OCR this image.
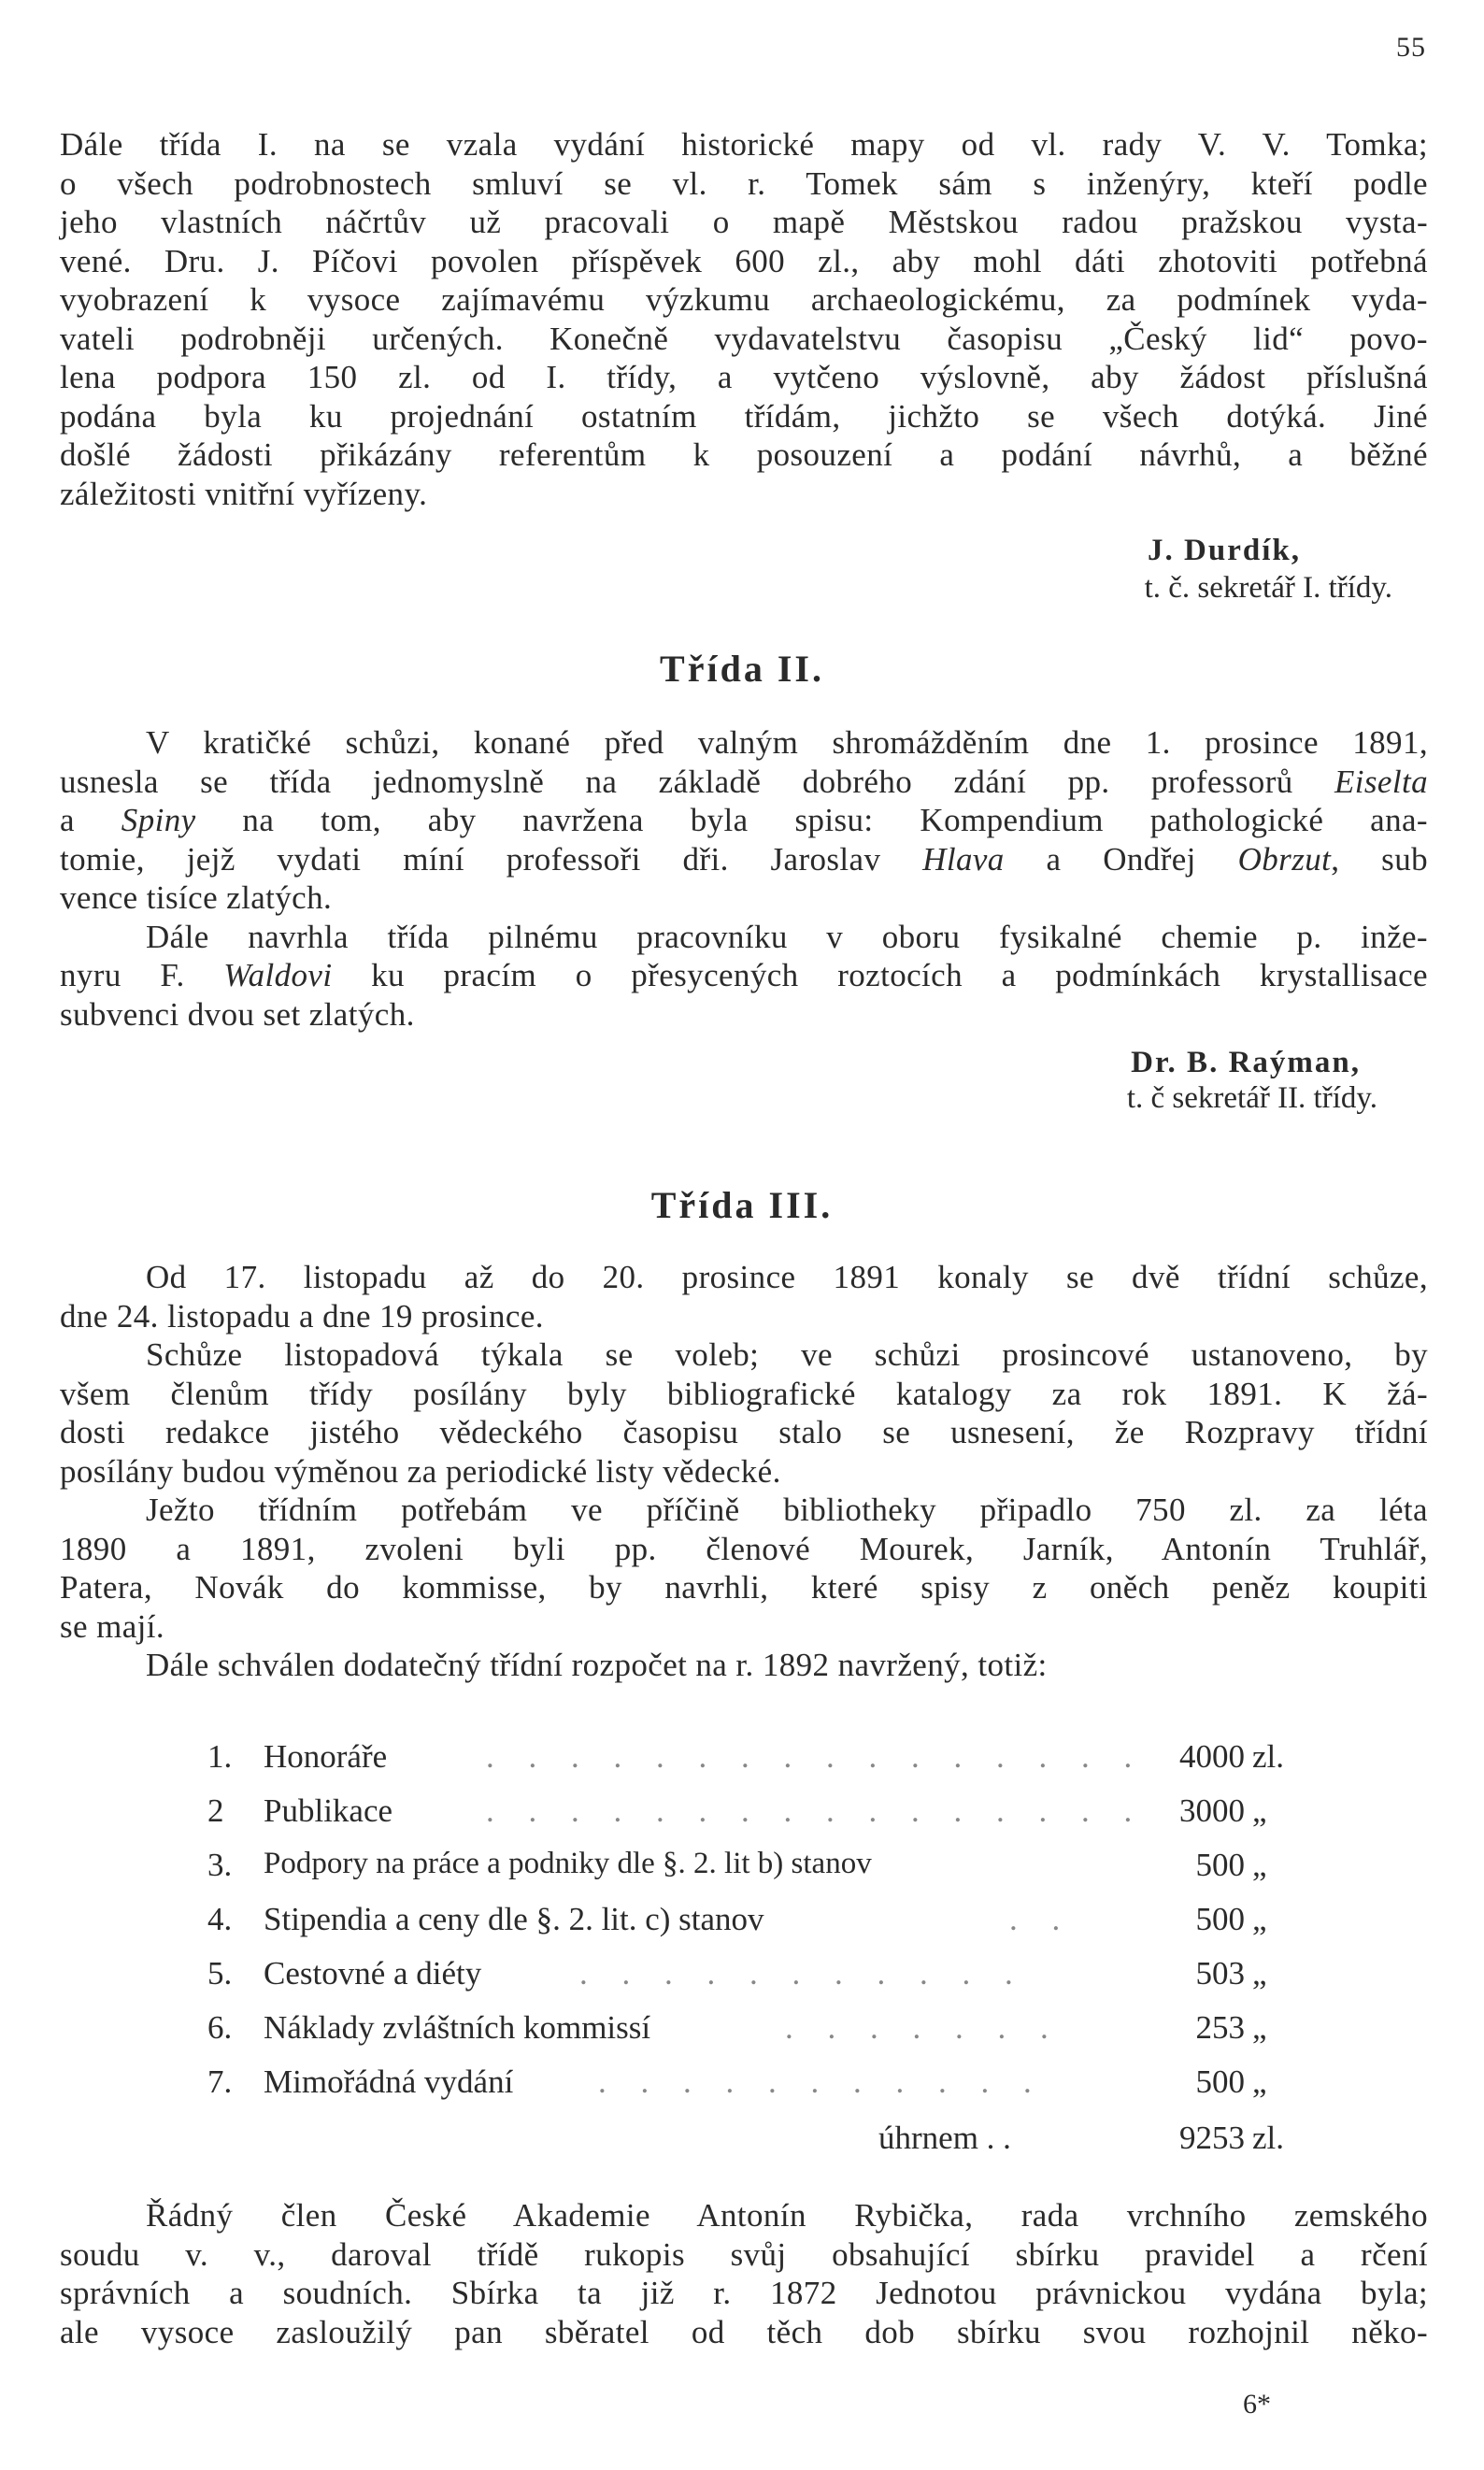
55
Dále třída I. na se vzala vydání historické mapy od vl. rady V. V. Tomka;
o všech podrobnostech smluví se vl. r. Tomek sám s inženýry, kteří podle
jeho vlastních náčrtův už pracovali o mapě Městskou radou pražskou vysta-
vené. Dru. J. Píčovi povolen příspěvek 600 zl., aby mohl dáti zhotoviti potřebná
vyobrazení k vysoce zajímavému výzkumu archaeologickému, za podmínek vyda-
vateli podrobněji určených. Konečně vydavatelstvu časopisu „Český lid“ povo-
lena podpora 150 zl. od I. třídy, a vytčeno výslovně, aby žádost příslušná
podána byla ku projednání ostatním třídám, jichžto se všech dotýká. Jiné
došlé žádosti přikázány referentům k posouzení a podání návrhů, a běžné
záležitosti vnitřní vyřízeny.
J. Durdík,
t. č. sekretář I. třídy.
Třída II.
V kratičké schůzi, konané před valným shromážděním dne 1. prosince 1891,
usnesla se třída jednomyslně na základě dobrého zdání pp. professorů Eiselta
a Spiny na tom, aby navržena byla spisu: Kompendium pathologické ana-
tomie, jejž vydati míní professoři dři. Jaroslav Hlava a Ondřej Obrzut, sub
vence tisíce zlatých.
Dále navrhla třída pilnému pracovníku v oboru fysikalné chemie p. inže-
nyru F. Waldovi ku pracím o přesycených roztocích a podmínkách krystallisace
subvenci dvou set zlatých.
Dr. B. Raýman,
t. č sekretář II. třídy.
Třída III.
Od 17. listopadu až do 20. prosince 1891 konaly se dvě třídní schůze,
dne 24. listopadu a dne 19 prosince.
Schůze listopadová týkala se voleb; ve schůzi prosincové ustanoveno, by
všem členům třídy posílány byly bibliografické katalogy za rok 1891. K žá-
dosti redakce jistého vědeckého časopisu stalo se usnesení, že Rozpravy třídní
posílány budou výměnou za periodické listy vědecké.
Ježto třídním potřebám ve příčině bibliotheky připadlo 750 zl. za léta
1890 a 1891, zvoleni byli pp. členové Mourek, Jarník, Antonín Truhlář,
Patera, Novák do kommisse, by navrhli, které spisy z oněch peněz koupiti
se mají.
Dále schválen dodatečný třídní rozpočet na r. 1892 navržený, totiž:
1. Honoráře	. . . . . . . . . . . . . . . .	4000 zl.
2 Publikace	. . . . . . . . . . . . . . . .	3000 „
3. Podpory na práce a podniky dle §. 2. lit b) stanov	500 „
4. Stipendia a ceny dle §. 2. lit. c) stanov	. .	500 „
5. Cestovné a diéty	. . . . . . . . . . .	503 „
6. Náklady zvláštních kommissí	. . . . . . .	253 „
7. Mimořádná vydání	. . . . . . . . . . .	500 „
úhrnem . .	9253 zl.
Řádný člen České Akademie Antonín Rybička, rada vrchního zemského
soudu v. v., daroval třídě rukopis svůj obsahující sbírku pravidel a rčení
správních a soudních. Sbírka ta již r. 1872 Jednotou právnickou vydána byla;
ale vysoce zasloužilý pan sběratel od těch dob sbírku svou rozhojnil něko-
6*
